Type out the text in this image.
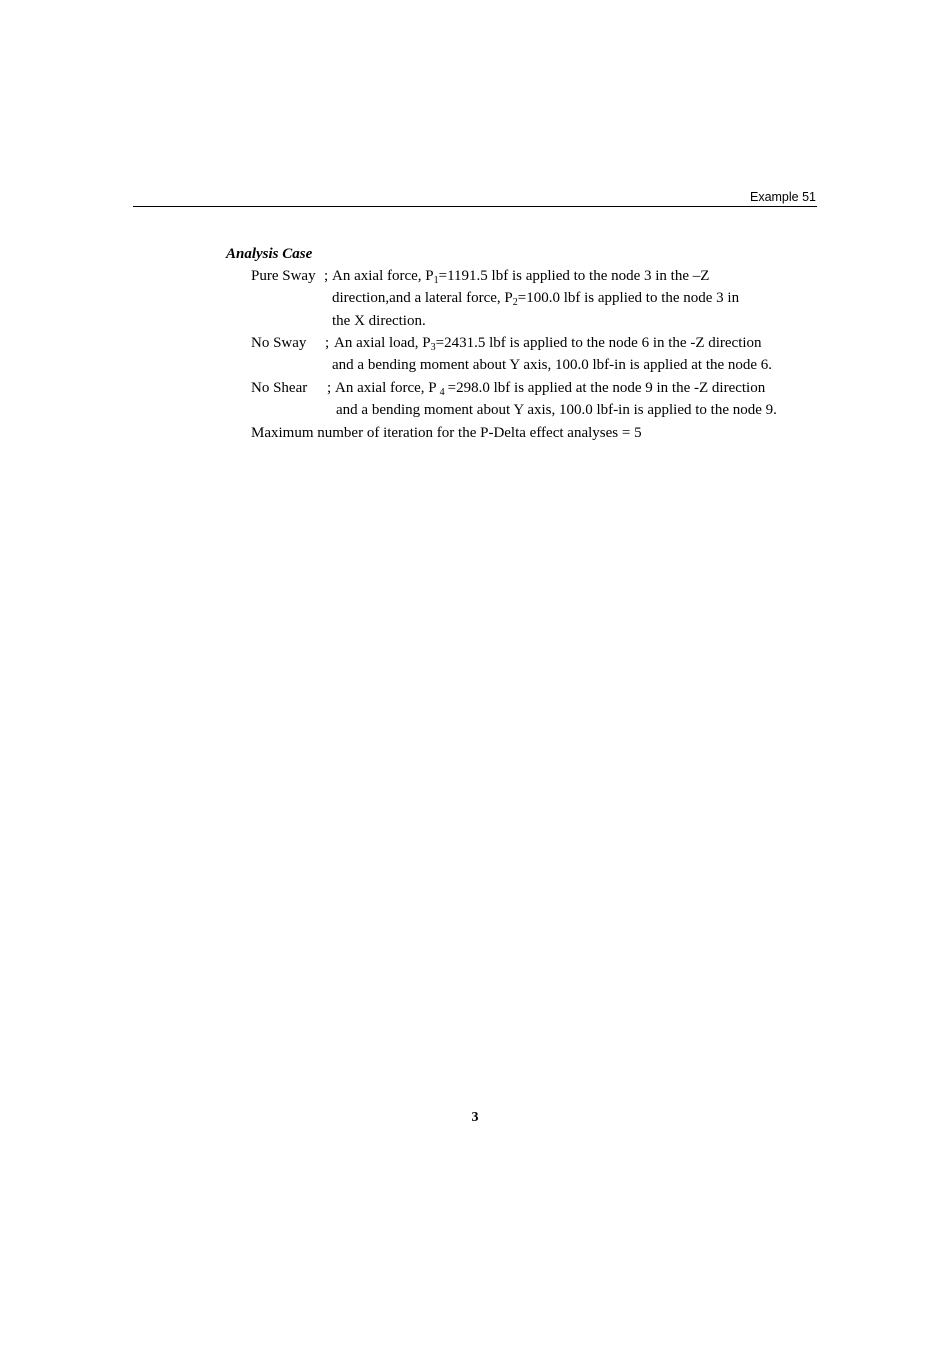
Example 51
Analysis Case
Pure Sway ; An axial force, $P_1=1191.5$ lbf is applied to the node 3 in the –Z
direction,and a lateral force, $P_2=100.0$ lbf is applied to the node 3 in
the X direction.
No Sway ; An axial load, $P_3=2431.5$ lbf is applied to the node 6 in the -Z direction
and a bending moment about Y axis, 100.0 lbf-in is applied at the node 6.
No Shear ; An axial force, P  $_4$  =298.0 lbf is applied at the node 9 in the -Z direction
and a bending moment about Y axis, 100.0 lbf-in is applied to the node 9.
Maximum number of iteration for the P-Delta effect analyses = 5
3
